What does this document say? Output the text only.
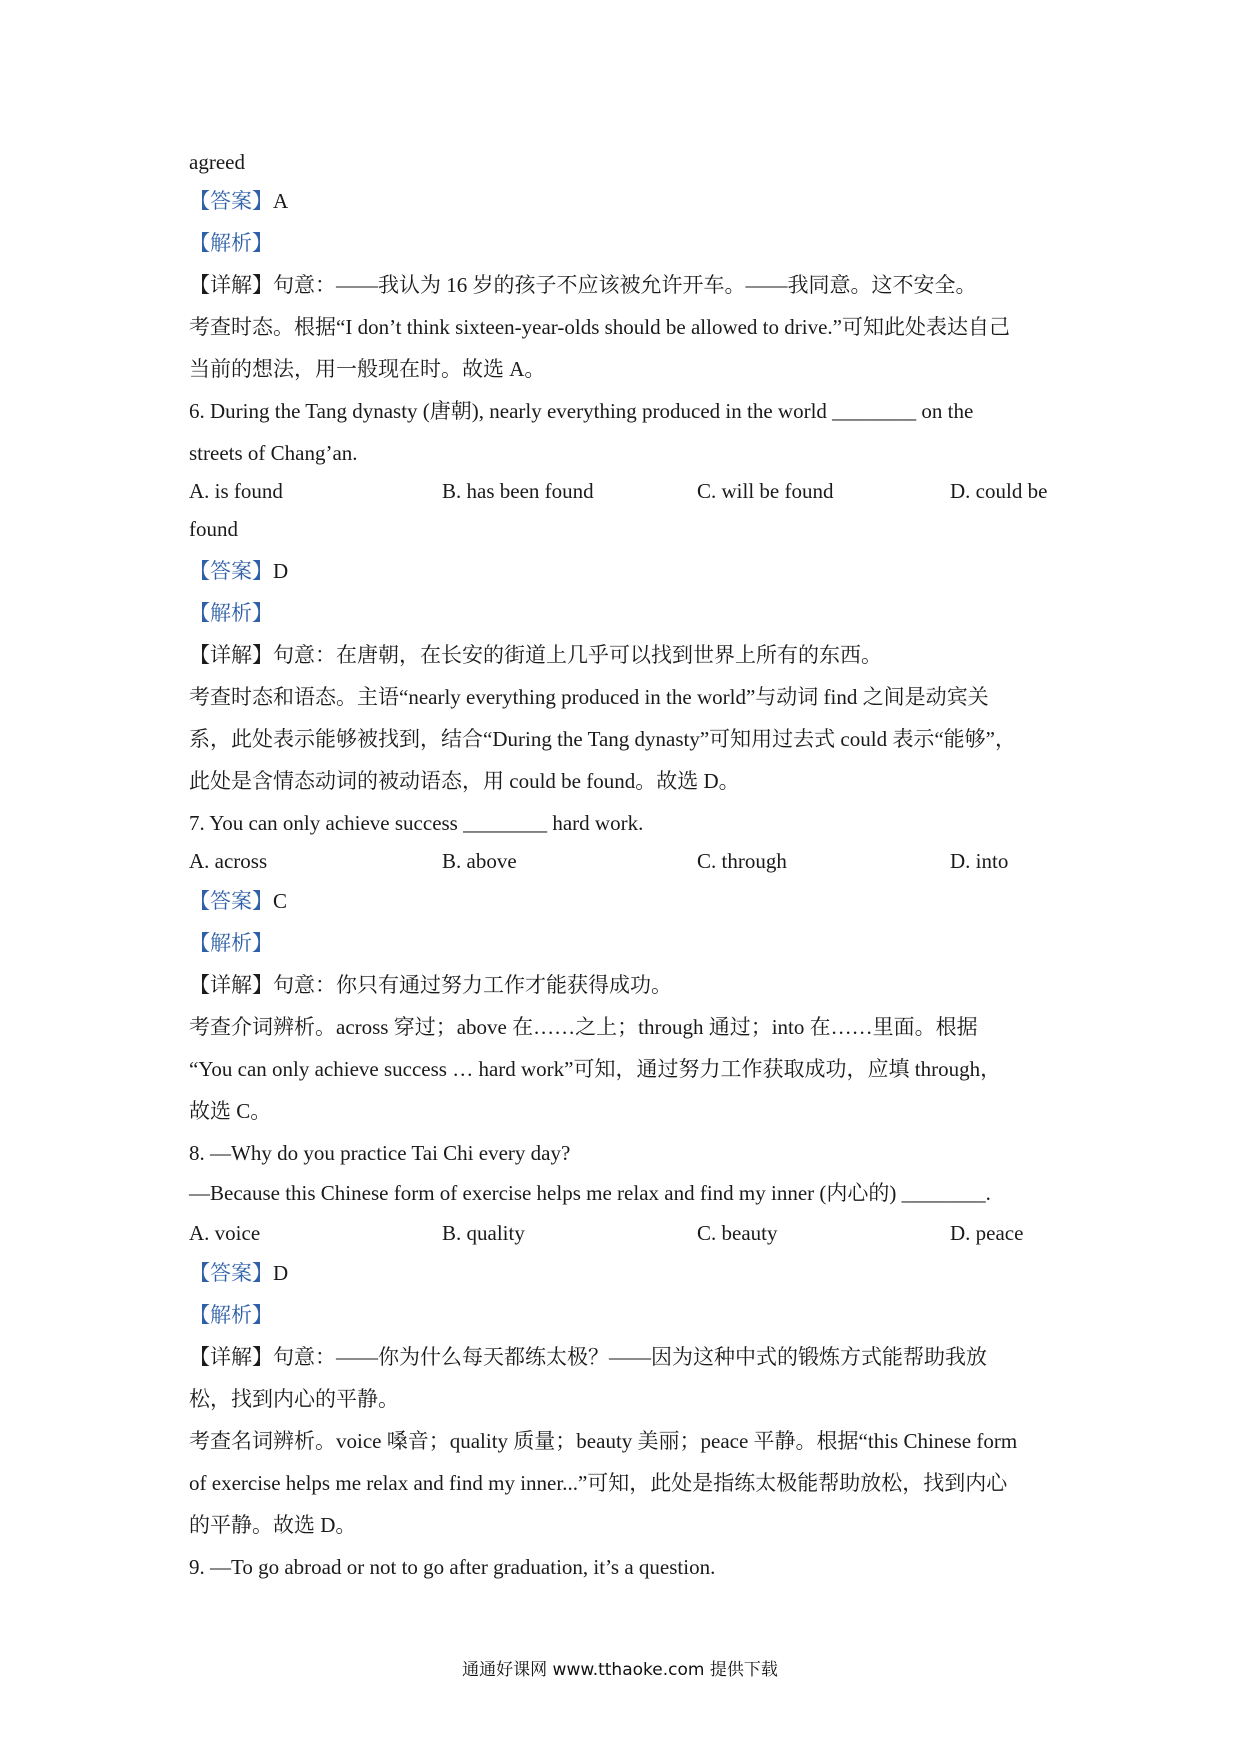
agreed
【答案】A
【解析】
【详解】句意：——我认为 16 岁的孩子不应该被允许开车。——我同意。这不安全。
考查时态。根据“I don’t think sixteen-year-olds should be allowed to drive.”可知此处表达自己
当前的想法，用一般现在时。故选 A。
6. During the Tang dynasty (唐朝), nearly everything produced in the world ________ on the
streets of Chang’an.
A. is found	B. has been found	C. will be found	D. could be
found
【答案】D
【解析】
【详解】句意：在唐朝，在长安的街道上几乎可以找到世界上所有的东西。
考查时态和语态。主语“nearly everything produced in the world”与动词 find 之间是动宾关
系，此处表示能够被找到，结合“During the Tang dynasty”可知用过去式 could 表示“能够”，
此处是含情态动词的被动语态，用 could be found。故选 D。
7. You can only achieve success ________ hard work.
A. across	B. above	C. through	D. into
【答案】C
【解析】
【详解】句意：你只有通过努力工作才能获得成功。
考查介词辨析。across 穿过；above 在……之上；through 通过；into 在……里面。根据
“You can only achieve success … hard work”可知，通过努力工作获取成功，应填 through，
故选 C。
8. —Why do you practice Tai Chi every day?
—Because this Chinese form of exercise helps me relax and find my inner (内心的) ________.
A. voice	B. quality	C. beauty	D. peace
【答案】D
【解析】
【详解】句意：——你为什么每天都练太极？——因为这种中式的锻炼方式能帮助我放
松，找到内心的平静。
考查名词辨析。voice 嗓音；quality 质量；beauty 美丽；peace 平静。根据“this Chinese form
of exercise helps me relax and find my inner...”可知，此处是指练太极能帮助放松，找到内心
的平静。故选 D。
9. —To go abroad or not to go after graduation, it’s a question.
通通好课网 www.tthaoke.com 提供下载
